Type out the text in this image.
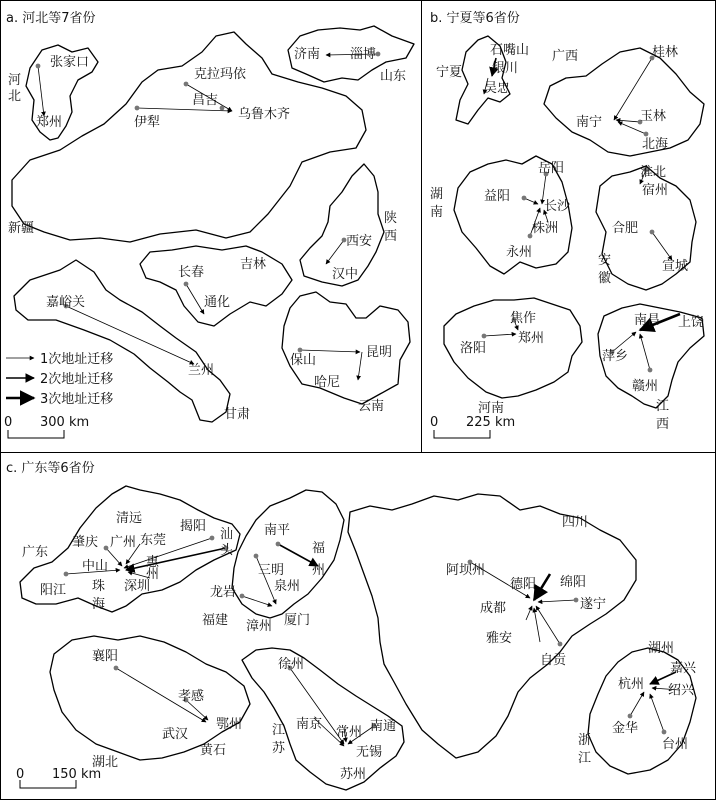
a. 河北等7省份	b. 宁夏等6省份
c. 广东等6省份
河
北
新疆
山东
陕
西
吉林
甘肃
云南
张家口
郑州
克拉玛依
昌吉
伊犁
乌鲁木齐
济南 淄博
西安
汉中
长春
通化
嘉峪关
兰州
保山
昆明
哈尼
1次地址迁移
2次地址迁移
3次地址迁移
0 300 km
宁夏
广西
湖
南
安
徽
河南	江
西
石嘴山
银川
吴忠
桂林
南宁	玉林
北海
岳阳
益阳
长沙
株洲
永州
淮北
宿州
合肥
宣城
焦作
洛阳
郑州
南昌 上饶
萍乡
赣州
0 225 km
广东
福建
四川
湖北
江
苏
浙
江
清远
揭阳
肇庆 广州 东莞	汕
头
中山	惠
州
阳江 珠 深圳
海
南平
三明
福
州
泉州
龙岩
漳州 厦门
阿坝州
德阳 绵阳
成都	遂宁
雅安
自贡
湖州
嘉兴
杭州 绍兴
金华
台州
襄阳
孝感
鄂州
武汉
黄石
徐州
南京
常州 南通
无锡
苏州
0 150 km
